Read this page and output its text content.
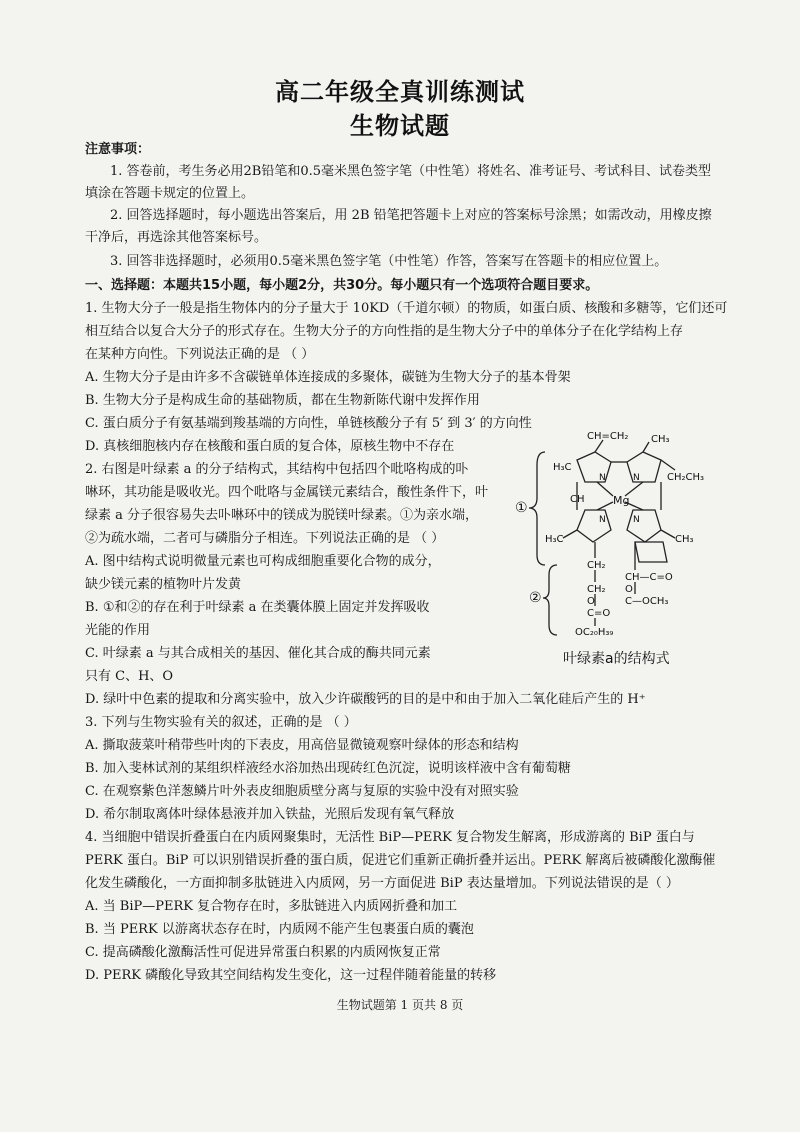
高二年级全真训练测试
生物试题
注意事项：
1. 答卷前，考生务必用2B铅笔和0.5毫米黑色签字笔（中性笔）将姓名、准考证号、考试科目、试卷类型
填涂在答题卡规定的位置上。
2. 回答选择题时，每小题选出答案后，用 2B 铅笔把答题卡上对应的答案标号涂黑；如需改动，用橡皮擦
干净后，再选涂其他答案标号。
3. 回答非选择题时，必须用0.5毫米黑色签字笔（中性笔）作答，答案写在答题卡的相应位置上。
一、选择题：本题共15小题，每小题2分，共30分。每小题只有一个选项符合题目要求。
1. 生物大分子一般是指生物体内的分子量大于 10KD（千道尔顿）的物质，如蛋白质、核酸和多糖等，它们还可
相互结合以复合大分子的形式存在。生物大分子的方向性指的是生物大分子中的单体分子在化学结构上存
在某种方向性。下列说法正确的是 （ ）
A. 生物大分子是由许多不含碳链单体连接成的多聚体，碳链为生物大分子的基本骨架
B. 生物大分子是构成生命的基础物质，都在生物新陈代谢中发挥作用
C. 蛋白质分子有氨基端到羧基端的方向性，单链核酸分子有 5′ 到 3′ 的方向性
D. 真核细胞核内存在核酸和蛋白质的复合体，原核生物中不存在
2. 右图是叶绿素 a 的分子结构式，其结构中包括四个吡咯构成的卟
啉环，其功能是吸收光。四个吡咯与金属镁元素结合，酸性条件下，叶
绿素 a 分子很容易失去卟啉环中的镁成为脱镁叶绿素。①为亲水端，
②为疏水端，二者可与磷脂分子相连。下列说法正确的是 （ ）
A. 图中结构式说明微量元素也可构成细胞重要化合物的成分，
缺少镁元素的植物叶片发黄
B. ①和②的存在利于叶绿素 a 在类囊体膜上固定并发挥吸收
光能的作用
C. 叶绿素 a 与其合成相关的基因、催化其合成的酶共同元素
只有 C、H、O
D. 绿叶中色素的提取和分离实验中，放入少许碳酸钙的目的是中和由于加入二氧化硅后产生的 H⁺
CH=CH₂ CH₃
CH₂CH₃
H₃C
CH	Mg
N	N
N	N
H₃C	CH₃
CH₂
CH₂
CH—C=O
C=O
C—OCH₃
O
O
OC₂₀H₃₉
①
②
叶绿素a的结构式
3. 下列与生物实验有关的叙述，正确的是 （ ）
A. 撕取菠菜叶稍带些叶肉的下表皮，用高倍显微镜观察叶绿体的形态和结构
B. 加入斐林试剂的某组织样液经水浴加热出现砖红色沉淀，说明该样液中含有葡萄糖
C. 在观察紫色洋葱鳞片叶外表皮细胞质壁分离与复原的实验中没有对照实验
D. 希尔制取离体叶绿体悬液并加入铁盐，光照后发现有氧气释放
4. 当细胞中错误折叠蛋白在内质网聚集时，无活性 BiP—PERK 复合物发生解离，形成游离的 BiP 蛋白与
PERK 蛋白。BiP 可以识别错误折叠的蛋白质，促进它们重新正确折叠并运出。PERK 解离后被磷酸化激酶催
化发生磷酸化，一方面抑制多肽链进入内质网，另一方面促进 BiP 表达量增加。下列说法错误的是（ ）
A. 当 BiP—PERK 复合物存在时，多肽链进入内质网折叠和加工
B. 当 PERK 以游离状态存在时，内质网不能产生包裹蛋白质的囊泡
C. 提高磷酸化激酶活性可促进异常蛋白积累的内质网恢复正常
D. PERK 磷酸化导致其空间结构发生变化，这一过程伴随着能量的转移
生物试题第 1 页共 8 页
